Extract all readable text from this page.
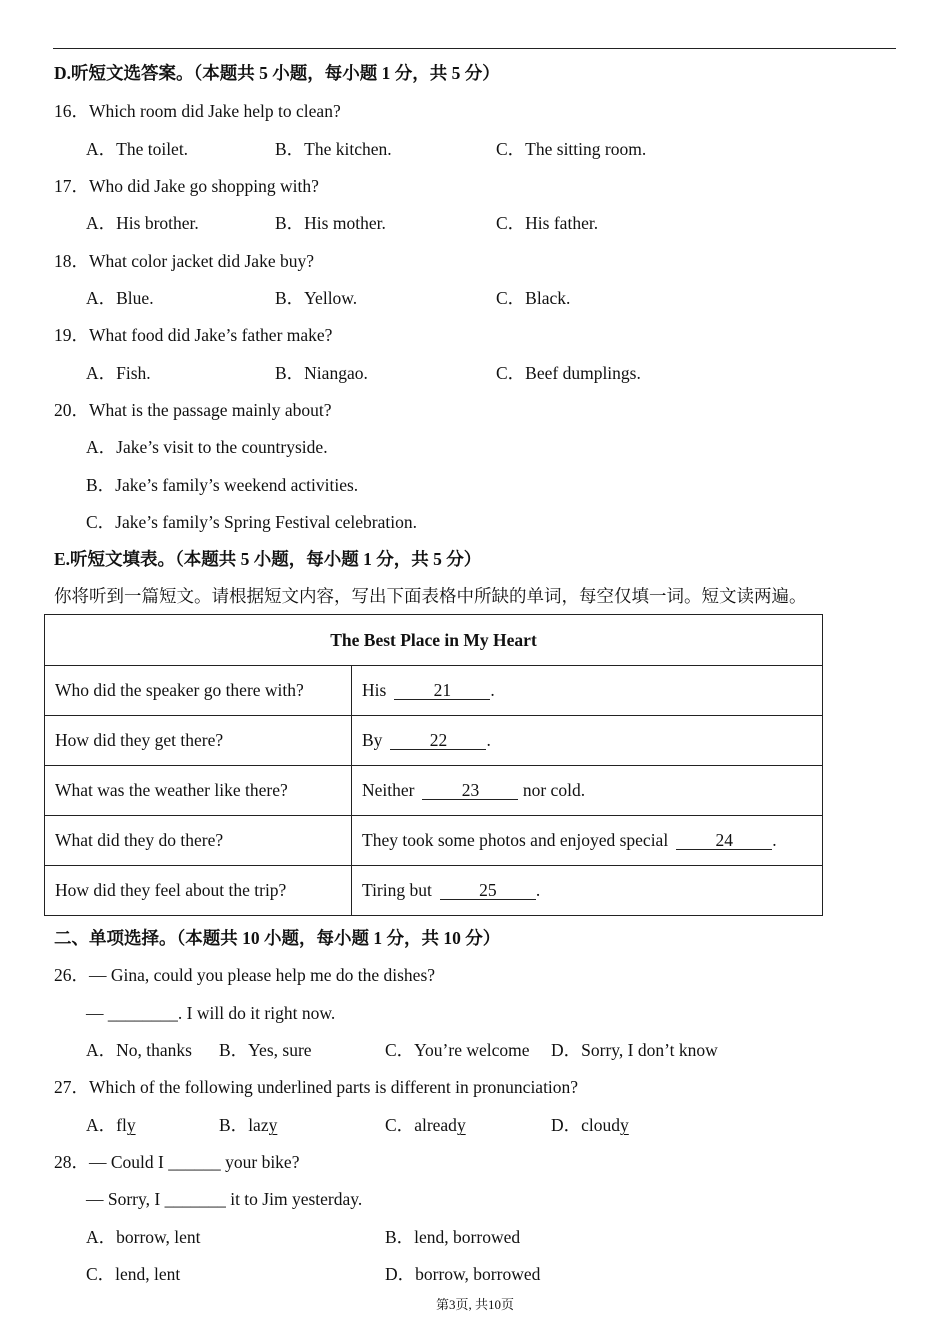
D.听短文选答案。（本题共 5 小题，每小题 1 分，共 5 分）
16．Which room did Jake help to clean?
A．The toilet.	B．The kitchen.	C．The sitting room.
17．Who did Jake go shopping with?
A．His brother.	B．His mother.	C．His father.
18．What color jacket did Jake buy?
A．Blue.	B．Yellow.	C．Black.
19．What food did Jake’s father make?
A．Fish.	B．Niangao.	C．Beef dumplings.
20．What is the passage mainly about?
A．Jake’s visit to the countryside.
B．Jake’s family’s weekend activities.
C．Jake’s family’s Spring Festival celebration.
E.听短文填表。（本题共 5 小题，每小题 1 分，共 5 分）
你将听到一篇短文。请根据短文内容，写出下面表格中所缺的单词，每空仅填一词。短文读两遍。
The Best Place in My Heart	
Who did the speaker go there with?	His 21 .
How did they get there?	By 22 .
What was the weather like there?	Neither 23 nor cold.
What did they do there?	They took some photos and enjoyed special 24 .
How did they feel about the trip?	Tiring but 25 .
二、单项选择。（本题共 10 小题，每小题 1 分，共 10 分）
26．— Gina, could you please help me do the dishes?
— ________. I will do it right now.
A．No, thanks B．Yes, sure	C．You’re welcome D．Sorry, I don’t know
27．Which of the following underlined parts is different in pronunciation?
A．fly	B．lazy	C．already	D．cloudy
28．— Could I ______ your bike?
— Sorry, I _______ it to Jim yesterday.
A．borrow, lent	B．lend, borrowed
C．lend, lent	D．borrow, borrowed
第3页, 共10页
